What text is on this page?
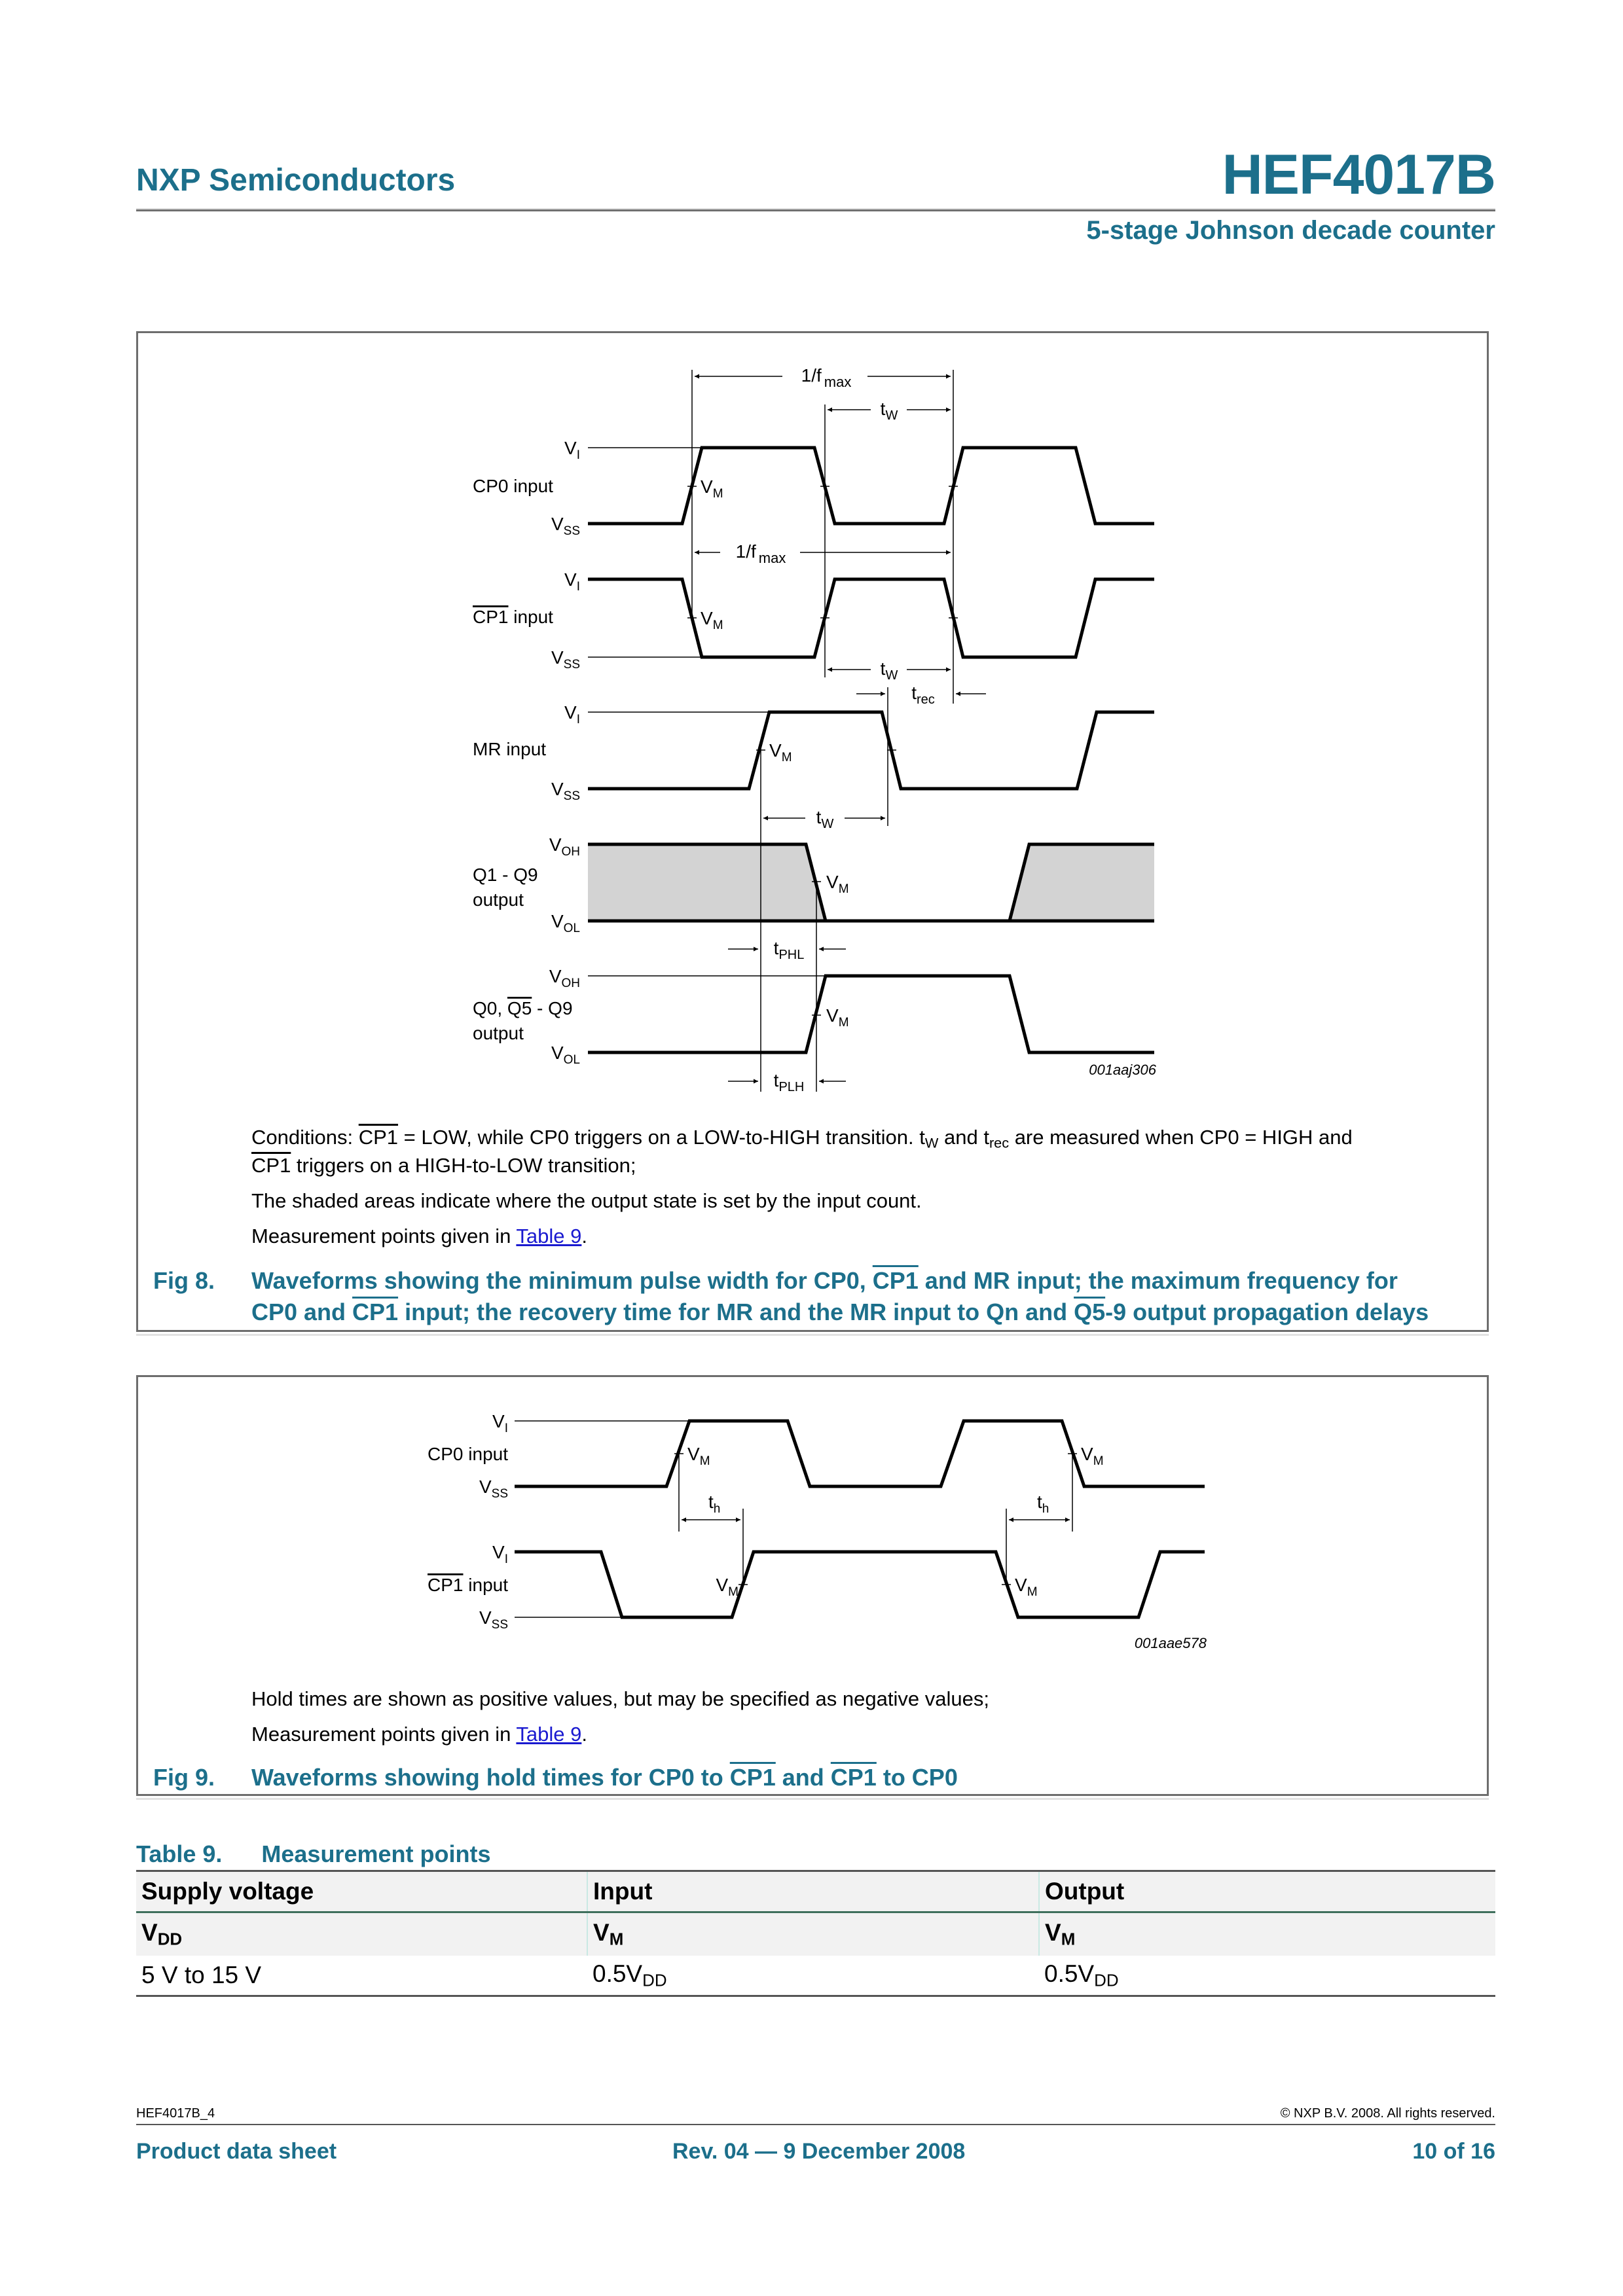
NXP Semiconductors	HEF4017B
5-stage Johnson decade counter
CP0 input
CP1 input
MR input
Q1 - Q9
output
Q0, Q5 - Q9
output
$V_I$
$V_{SS}$
$V_I$
$V_{SS}$
$V_I$
$V_{SS}$
$V_{OH}$
$V_{OL}$
$V_{OH}$
$V_{OL}$
$V_M$
$V_M$
$V_M$
$V_M$
$V_M$
1/f $_{max}$
$t_W$
1/f $_{max}$
$t_W$
$t_{rec}$
$t_W$
$t_{PHL}$
$t_{PLH}$
001aaj306
Conditions: CP1 = LOW, while CP0 triggers on a LOW-to-HIGH transition. $t_W$ and $t_{rec}$ are measured when CP0 = HIGH and
CP1 triggers on a HIGH-to-LOW transition;
The shaded areas indicate where the output state is set by the input count.
Measurement points given in Table 9.
Fig 8. Waveforms showing the minimum pulse width for CP0, CP1 and MR input; the maximum frequency for
CP0 and CP1 input; the recovery time for MR and the MR input to Qn and Q5-9 output propagation delays
CP0 input
CP1 input
$V_I$
$V_{SS}$
$V_I$
$V_{SS}$
$V_M$
$V_M$	$V_M$
$V_M$
$t_h$	$t_h$
001aae578
Hold times are shown as positive values, but may be specified as negative values;
Measurement points given in Table 9.
Fig 9. Waveforms showing hold times for CP0 to CP1 and CP1 to CP0
Table 9. Measurement points
Supply voltage	Input	Output
$V_{DD}$	$V_M$	$V_M$
5 V to 15 V	$0.5V_{DD}$	$0.5V_{DD}$
HEF4017B_4	© NXP B.V. 2008. All rights reserved.
Product data sheet	Rev. 04 — 9 December 2008	10 of 16
